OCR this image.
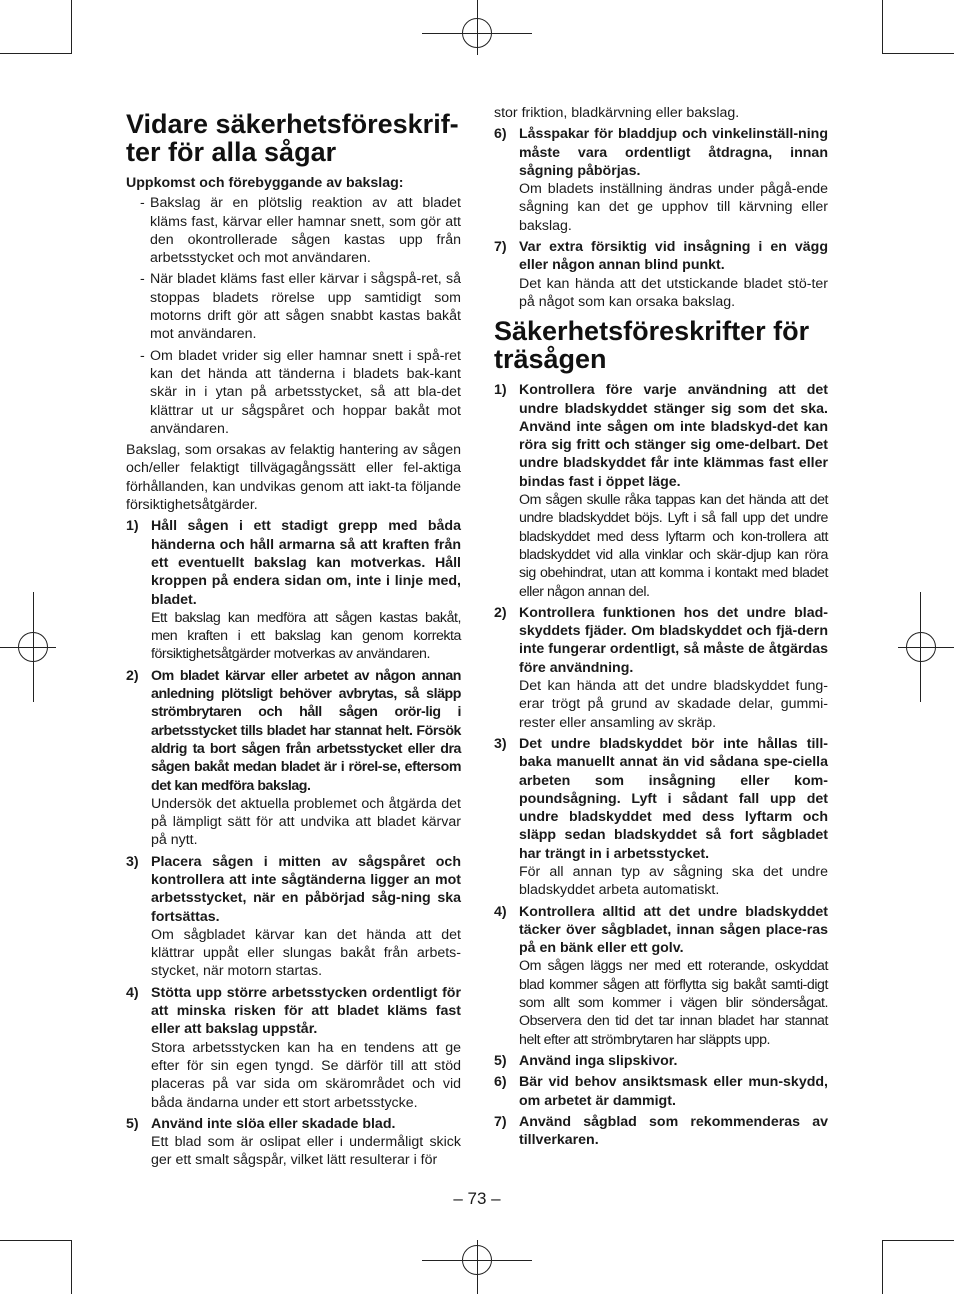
Vidare säkerhetsföreskrif-
ter för alla sågar

Uppkomst och förebyggande av bakslag:

- Bakslag är en plötslig reaktion av att bladet kläms fast, kärvar eller hamnar snett, som gör att den okontrollerade sågen kastas upp från arbetsstycket och mot användaren.
- När bladet kläms fast eller kärvar i sågspå-ret, så stoppas bladets rörelse upp samtidigt som motorns drift gör att sågen snabbt kastas bakåt mot användaren.
- Om bladet vrider sig eller hamnar snett i spå-ret kan det hända att tänderna i bladets bak-kant skär in i ytan på arbetsstycket, så att bla-det klättrar ut ur sågspåret och hoppar bakåt mot användaren.

Bakslag, som orsakas av felaktig hantering av sågen och/eller felaktigt tillvägagångssätt eller fel-aktiga förhållanden, kan undvikas genom att iakt-ta följande försiktighetsåtgärder.

1) Håll sågen i ett stadigt grepp med båda händerna och håll armarna så att kraften från ett eventuellt bakslag kan motverkas. Håll kroppen på endera sidan om, inte i linje med, bladet.

Ett bakslag kan medföra att sågen kastas bakåt, men kraften i ett bakslag kan genom korrekta försiktighetsåtgärder motverkas av användaren.

2) Om bladet kärvar eller arbetet av någon annan anledning plötsligt behöver avbrytas, så släpp strömbrytaren och håll sågen orör-lig i arbetsstycket tills bladet har stannat helt. Försök aldrig ta bort sågen från arbetsstycket eller dra sågen bakåt medan bladet är i rörel-se, eftersom det kan medföra bakslag.

Undersök det aktuella problemet och åtgärda det på lämpligt sätt för att undvika att bladet kärvar på nytt.

3) Placera sågen i mitten av sågspåret och kontrollera att inte sågtänderna ligger an mot arbetsstycket, när en påbörjad såg-ning ska fortsättas.

Om sågbladet kärvar kan det hända att det klättrar uppåt eller slungas bakåt från arbets-stycket, när motorn startas.

4) Stötta upp större arbetsstycken ordentligt för att minska risken för att bladet kläms fast eller att bakslag uppstår.

Stora arbetsstycken kan ha en tendens att ge efter för sin egen tyngd. Se därför till att stöd placeras på var sida om skärområdet och vid båda ändarna under ett stort arbetsstycke.

5) Använd inte slöa eller skadade blad.

Ett blad som är oslipat eller i undermåligt skick ger ett smalt sågspår, vilket lätt resulterar i för

stor friktion, bladkärvning eller bakslag.

6) Låsspakar för bladdjup och vinkelinställ-ning måste vara ordentligt åtdragna, innan sågning påbörjas.

Om bladets inställning ändras under pågå-ende sågning kan det ge upphov till kärvning eller bakslag.

7) Var extra försiktig vid insågning i en vägg eller någon annan blind punkt.

Det kan hända att det utstickande bladet stö-ter på något som kan orsaka bakslag.

Säkerhetsföreskrifter för
träsågen
1) Kontrollera före varje användning att det undre bladskyddet stänger sig som det ska. Använd inte sågen om inte bladskyd-det kan röra sig fritt och stänger sig ome-delbart. Det undre bladskyddet får inte klämmas fast eller bindas fast i öppet läge.

Om sågen skulle råka tappas kan det hända att det undre bladskyddet böjs. Lyft i så fall upp det undre bladskyddet med dess lyftarm och kon-trollera att bladskyddet vid alla vinklar och skär-djup kan röra sig obehindrat, utan att komma i kontakt med bladet eller någon annan del.

2) Kontrollera funktionen hos det undre blad-skyddets fjäder. Om bladskyddet och fjä-dern inte fungerar ordentligt, så måste de åtgärdas före användning.

Det kan hända att det undre bladskyddet fung-erar trögt på grund av skadade delar, gummi-rester eller ansamling av skräp.

3) Det undre bladskyddet bör inte hållas till-baka manuellt annat än vid sådana spe-ciella arbeten som insågning eller kom-poundsågning. Lyft i sådant fall upp det undre bladskyddet med dess lyftarm och släpp sedan bladskyddet så fort sågbladet har trängt in i arbetsstycket.

För all annan typ av sågning ska det undre bladskyddet arbeta automatiskt.

4) Kontrollera alltid att det undre bladskyddet täcker över sågbladet, innan sågen place-ras på en bänk eller ett golv.

Om sågen läggs ner med ett roterande, oskyddat blad kommer sågen att förflytta sig bakåt samti-digt som allt som kommer i vägen blir söndersågat. Observera den tid det tar innan bladet har stannat helt efter att strömbrytaren har släppts upp.

5) Använd inga slipskivor.

6) Bär vid behov ansiktsmask eller mun-skydd, om arbetet är dammigt.

7) Använd sågblad som rekommenderas av tillverkaren.

– 73 –
